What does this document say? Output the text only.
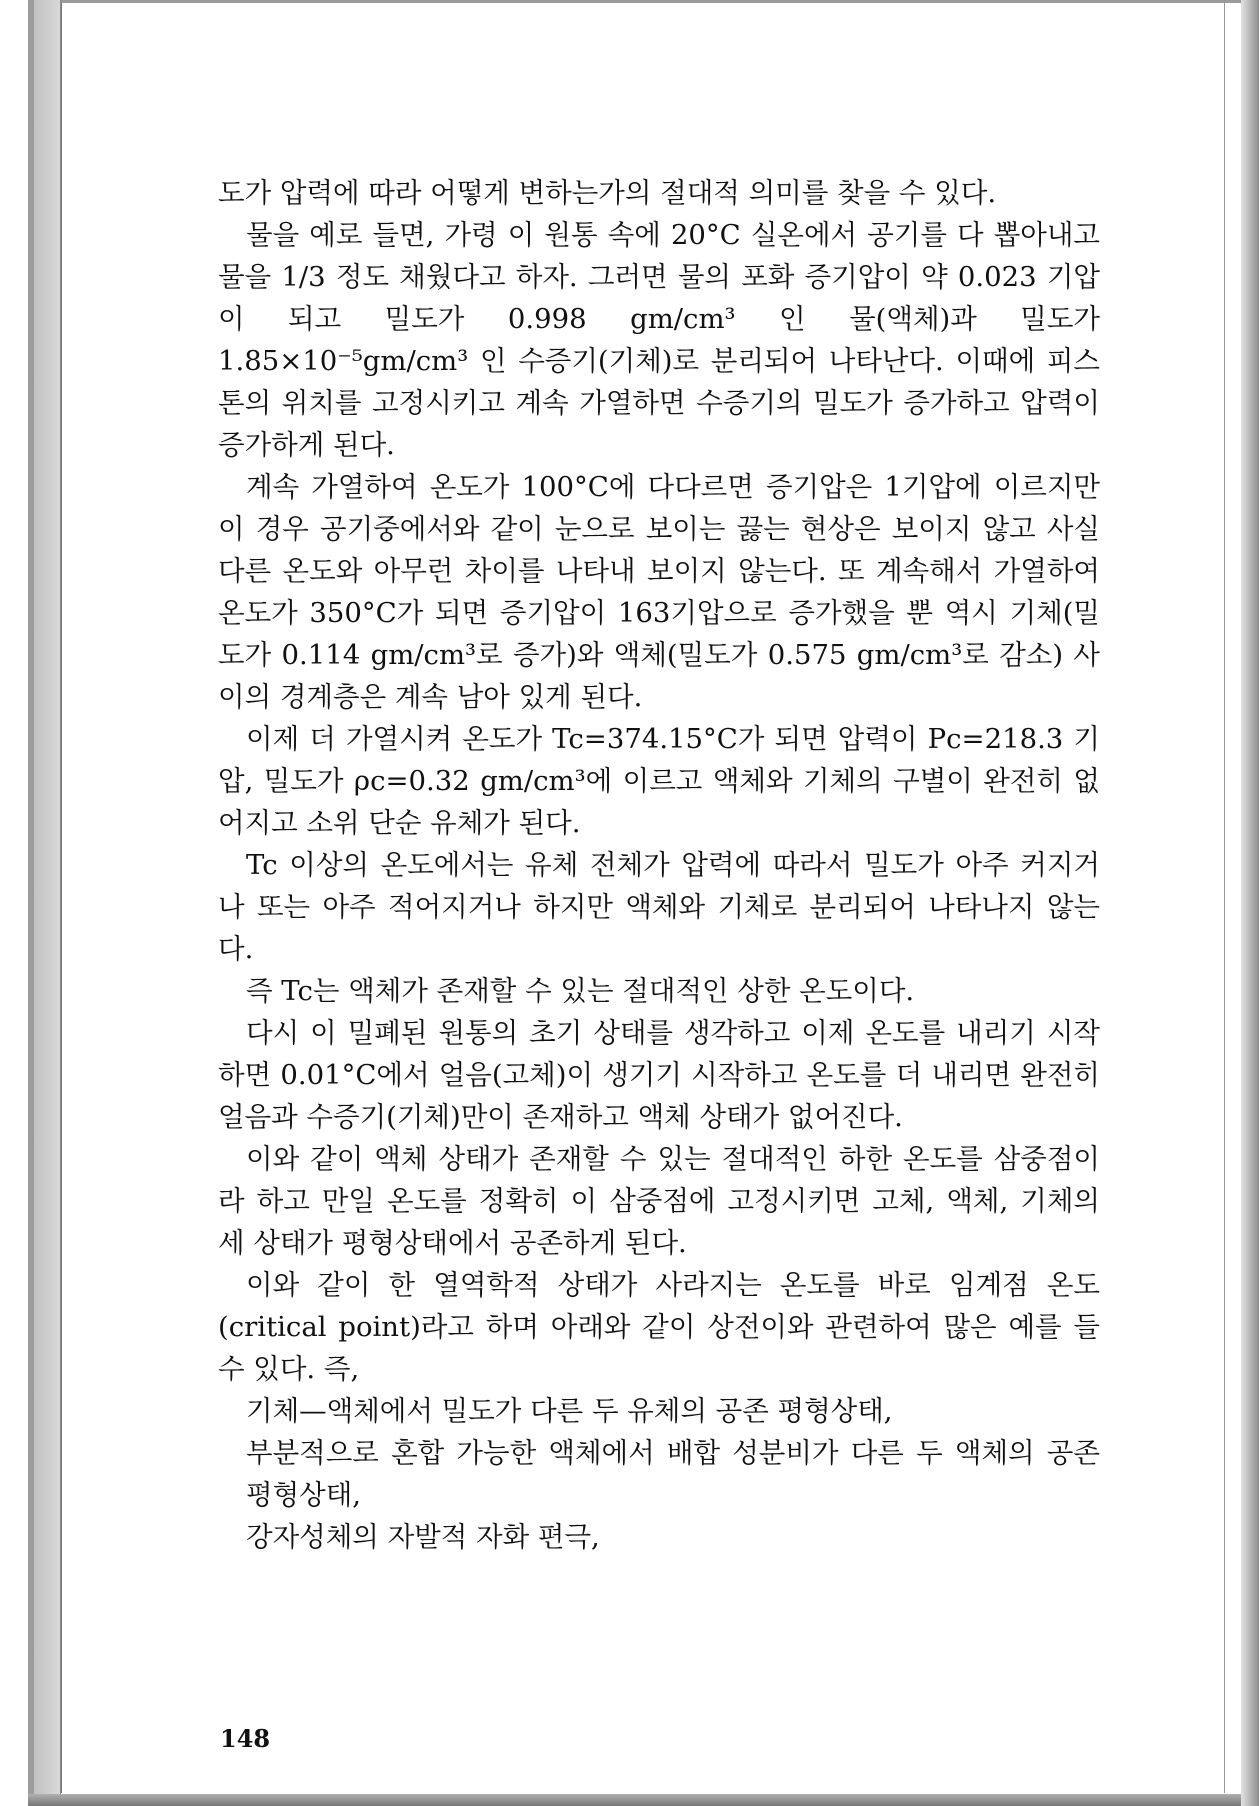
도가 압력에 따라 어떻게 변하는가의 절대적 의미를 찾을 수 있다.

물을 예로 들면, 가령 이 원통 속에 20°C 실온에서 공기를 다 뽑아내고 물을 1/3 정도 채웠다고 하자. 그러면 물의 포화 증기압이 약 0.023 기압이 되고 밀도가 0.998 gm/cm³ 인 물(액체)과 밀도가 1.85×10⁻⁵gm/cm³ 인 수증기(기체)로 분리되어 나타난다. 이때에 피스톤의 위치를 고정시키고 계속 가열하면 수증기의 밀도가 증가하고 압력이 증가하게 된다.

계속 가열하여 온도가 100°C에 다다르면 증기압은 1기압에 이르지만 이 경우 공기중에서와 같이 눈으로 보이는 끓는 현상은 보이지 않고 사실 다른 온도와 아무런 차이를 나타내 보이지 않는다. 또 계속해서 가열하여 온도가 350°C가 되면 증기압이 163기압으로 증가했을 뿐 역시 기체(밀도가 0.114 gm/cm³로 증가)와 액체(밀도가 0.575 gm/cm³로 감소) 사이의 경계층은 계속 남아 있게 된다.

이제 더 가열시켜 온도가 Tc=374.15°C가 되면 압력이 Pc=218.3 기압, 밀도가 ρc=0.32 gm/cm³에 이르고 액체와 기체의 구별이 완전히 없어지고 소위 단순 유체가 된다.

Tc 이상의 온도에서는 유체 전체가 압력에 따라서 밀도가 아주 커지거나 또는 아주 적어지거나 하지만 액체와 기체로 분리되어 나타나지 않는다.

즉 Tc는 액체가 존재할 수 있는 절대적인 상한 온도이다.

다시 이 밀폐된 원통의 초기 상태를 생각하고 이제 온도를 내리기 시작하면 0.01°C에서 얼음(고체)이 생기기 시작하고 온도를 더 내리면 완전히 얼음과 수증기(기체)만이 존재하고 액체 상태가 없어진다.

이와 같이 액체 상태가 존재할 수 있는 절대적인 하한 온도를 삼중점이라 하고 만일 온도를 정확히 이 삼중점에 고정시키면 고체, 액체, 기체의 세 상태가 평형상태에서 공존하게 된다.

이와 같이 한 열역학적 상태가 사라지는 온도를 바로 임계점 온도(critical point)라고 하며 아래와 같이 상전이와 관련하여 많은 예를 들 수 있다. 즉,

기체—액체에서 밀도가 다른 두 유체의 공존 평형상태,

부분적으로 혼합 가능한 액체에서 배합 성분비가 다른 두 액체의 공존 평형상태,

강자성체의 자발적 자화 편극,

148
